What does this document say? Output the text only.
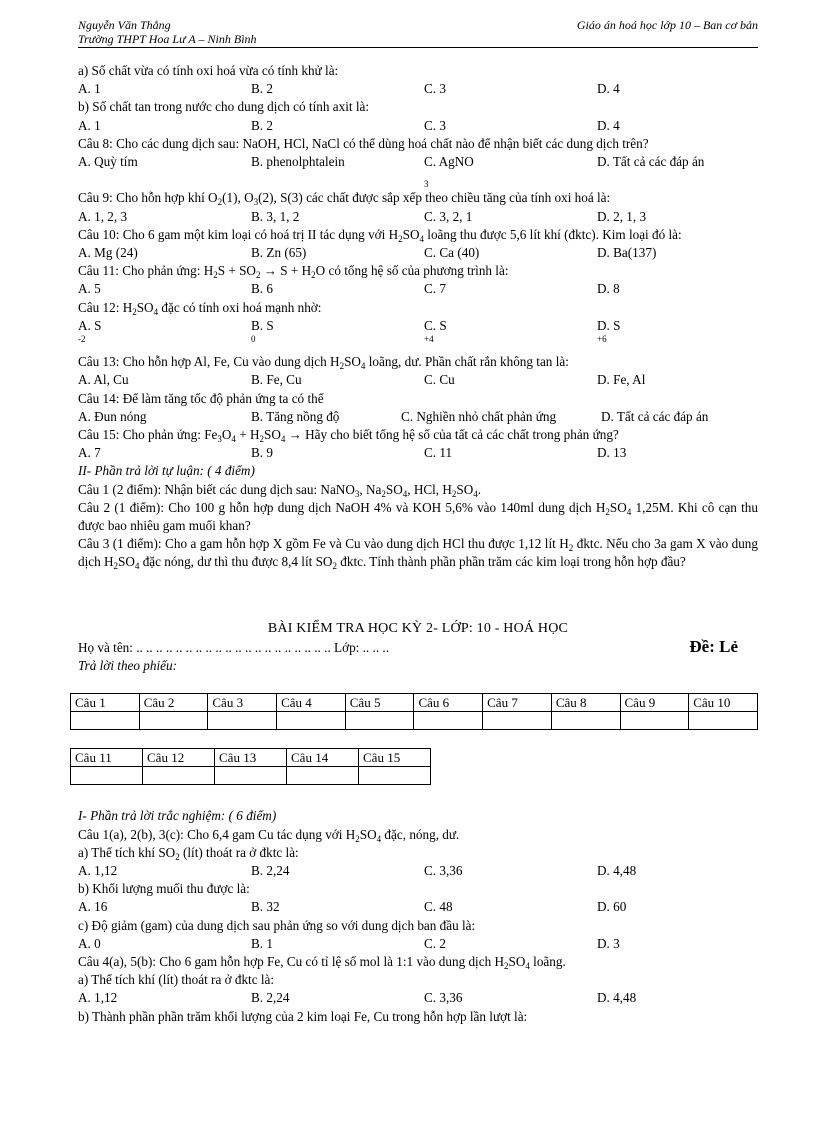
Nguyễn Văn Thắng	Giáo án hoá học lớp 10 – Ban cơ bản
Trường THPT Hoa Lư A – Ninh Bình
a) Số chất vừa có tính oxi hoá vừa có tính khử là:
A. 1	B. 2	C. 3	D. 4
b) Số chất tan trong nước cho dung dịch có tính axit là:
A. 1	B. 2	C. 3	D. 4
Câu 8: Cho các dung dịch sau: NaOH, HCl, NaCl có thể dùng hoá chất nào để nhận biết các dung dịch trên?
A. Quỳ tím	B. phenolphtalein	C. AgNO
$_3$
D. Tất cả các đáp án
Câu 9: Cho hỗn hợp khí $O_2(1)$, $O_3(2)$, S(3) các chất được sắp xếp theo chiều tăng của tính oxi hoá là:
A. 1, 2, 3	B. 3, 1, 2	C. 3, 2, 1	D. 2, 1, 3
Câu 10: Cho 6 gam một kim loại có hoá trị II tác dụng với $H_2SO_4$ loãng thu được 5,6 lít khí (đktc). Kim loại đó là:
A. Mg (24)	B. Zn (65)	C. Ca (40)	D. Ba(137)
Câu 11: Cho phản ứng: $H_2S + SO_2 \to S + H_2O$ có tổng hệ số của phương trình là:
A. 5	B. 6	C. 7	D. 8
Câu 12: $H_2SO_4$ đặc có tính oxi hoá mạnh nhờ:
A. S
$^{-2}$
B. S
$^0$
C. S
$^{+4}$
D. S
$^{+6}$
Câu 13: Cho hỗn hợp Al, Fe, Cu vào dung dịch $H_2SO_4$ loãng, dư. Phần chất rắn không tan là:
A. Al, Cu	B. Fe, Cu	C. Cu	D. Fe, Al
Câu 14: Để làm tăng tốc độ phản ứng ta có thể
A. Đun nóng	B. Tăng nồng độ	C. Nghiền nhỏ chất phản ứng	D. Tất cả các đáp án
Câu 15: Cho phản ứng: $Fe_3O_4 + H_2SO_4$ → Hãy cho biết tổng hệ số của tất cả các chất trong phản ứng?
A. 7	B. 9	C. 11	D. 13
II- Phần trả lời tự luận: ( 4 điểm)
Câu 1 (2 điểm): Nhận biết các dung dịch sau: NaNO$_3$, $Na_2SO_4$, HCl, $H_2SO_4$.
Câu 2 (1 điểm): Cho 100 g hỗn hợp dung dịch NaOH 4% và KOH 5,6% vào 140ml dung dịch $H_2SO_4$ 1,25M. Khi cô cạn thu được bao nhiêu gam muối khan?
Câu 3 (1 điểm): Cho a gam hỗn hợp X gồm Fe và Cu vào dung dịch HCl thu được 1,12 lít $H_2$ đktc. Nếu cho 3a gam X vào dung dịch $H_2SO_4$ đặc nóng, dư thì thu được 8,4 lít $SO_2$ đktc. Tính thành phần phần trăm các kim loại trong hỗn hợp đầu?
BÀI KIỂM TRA HỌC KỲ 2- LỚP: 10 - HOÁ HỌC
Họ và tên: .. .. .. .. .. .. .. .. .. .. .. .. .. .. .. .. .. .. .. .. Lớp: .. .. ..	Đề: Lẻ
Trả lời theo phiếu:
Câu 1	Câu 2	Câu 3	Câu 4	Câu 5	Câu 6	Câu 7	Câu 8	Câu 9	Câu 10

Câu 11	Câu 12	Câu 13	Câu 14	Câu 15

I- Phần trả lời trắc nghiệm: ( 6 điểm)
Câu 1(a), 2(b), 3(c): Cho 6,4 gam Cu tác dụng với $H_2SO_4$ đặc, nóng, dư.
a) Thể tích khí $SO_2$ (lít) thoát ra ở đktc là:
A. 1,12	B. 2,24	C. 3,36	D. 4,48
b) Khối lượng muối thu được là:
A. 16	B. 32	C. 48	D. 60
c) Độ giảm (gam) của dung dịch sau phản ứng so với dung dịch ban đầu là:
A. 0	B. 1	C. 2	D. 3
Câu 4(a), 5(b): Cho 6 gam hỗn hợp Fe, Cu có tỉ lệ số mol là 1:1 vào dung dịch $H_2SO_4$ loãng.
a) Thể tích khí (lít) thoát ra ở đktc là:
A. 1,12	B. 2,24	C. 3,36	D. 4,48
b) Thành phần phần trăm khối lượng của 2 kim loại Fe, Cu trong hỗn hợp lần lượt là:
